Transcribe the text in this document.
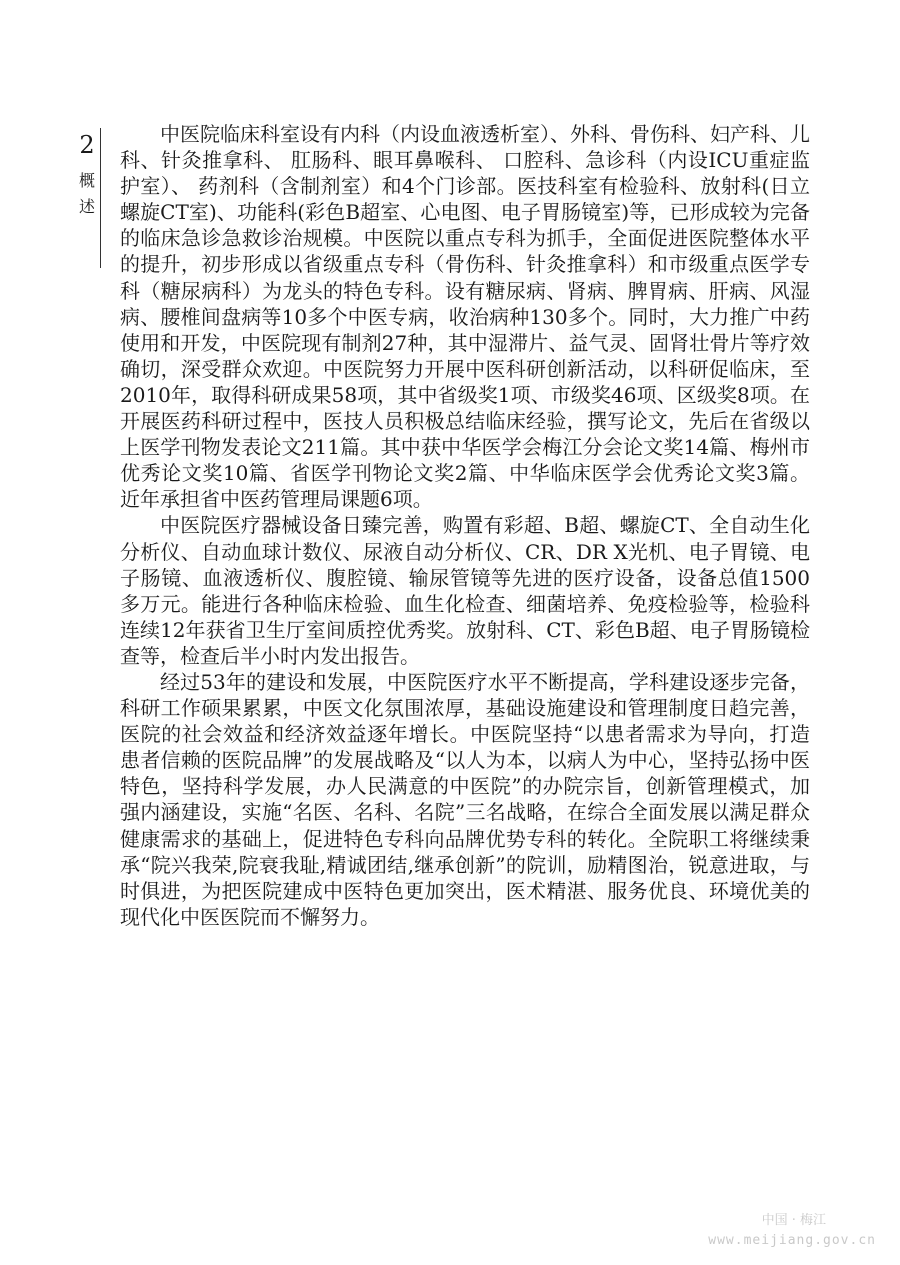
2
概
述

中医院临床科室设有内科（内设血液透析室）、外科、骨伤科、妇产科、儿科、针灸推拿科、 肛肠科、眼耳鼻喉科、 口腔科、急诊科（内设ICU重症监护室）、 药剂科（含制剂室）和4个门诊部。医技科室有检验科、放射科(日立螺旋CT室)、功能科(彩色B超室、心电图、电子胃肠镜室)等，已形成较为完备的临床急诊急救诊治规模。中医院以重点专科为抓手，全面促进医院整体水平的提升，初步形成以省级重点专科（骨伤科、针灸推拿科）和市级重点医学专科（糖尿病科）为龙头的特色专科。设有糖尿病、肾病、脾胃病、肝病、风湿病、腰椎间盘病等10多个中医专病，收治病种130多个。同时，大力推广中药使用和开发，中医院现有制剂27种，其中湿滞片、益气灵、固肾壮骨片等疗效确切，深受群众欢迎。中医院努力开展中医科研创新活动，以科研促临床，至2010年，取得科研成果58项，其中省级奖1项、市级奖46项、区级奖8项。在开展医药科研过程中，医技人员积极总结临床经验，撰写论文，先后在省级以上医学刊物发表论文211篇。其中获中华医学会梅江分会论文奖14篇、梅州市优秀论文奖10篇、省医学刊物论文奖2篇、中华临床医学会优秀论文奖3篇。近年承担省中医药管理局课题6项。

中医院医疗器械设备日臻完善，购置有彩超、B超、螺旋CT、全自动生化分析仪、自动血球计数仪、尿液自动分析仪、CR、DR X光机、电子胃镜、电子肠镜、血液透析仪、腹腔镜、输尿管镜等先进的医疗设备，设备总值1500多万元。能进行各种临床检验、血生化检查、细菌培养、免疫检验等，检验科连续12年获省卫生厅室间质控优秀奖。放射科、CT、彩色B超、电子胃肠镜检查等，检查后半小时内发出报告。

经过53年的建设和发展，中医院医疗水平不断提高，学科建设逐步完备，科研工作硕果累累，中医文化氛围浓厚，基础设施建设和管理制度日趋完善，医院的社会效益和经济效益逐年增长。中医院坚持“以患者需求为导向，打造患者信赖的医院品牌”的发展战略及“以人为本，以病人为中心，坚持弘扬中医特色，坚持科学发展，办人民满意的中医院”的办院宗旨，创新管理模式，加强内涵建设，实施“名医、名科、名院”三名战略，在综合全面发展以满足群众健康需求的基础上，促进特色专科向品牌优势专科的转化。全院职工将继续秉承“院兴我荣,院衰我耻,精诚团结,继承创新”的院训，励精图治，锐意进取，与时俱进，为把医院建成中医特色更加突出，医术精湛、服务优良、环境优美的现代化中医医院而不懈努力。

中国 · 梅江
www.meijiang.gov.cn
